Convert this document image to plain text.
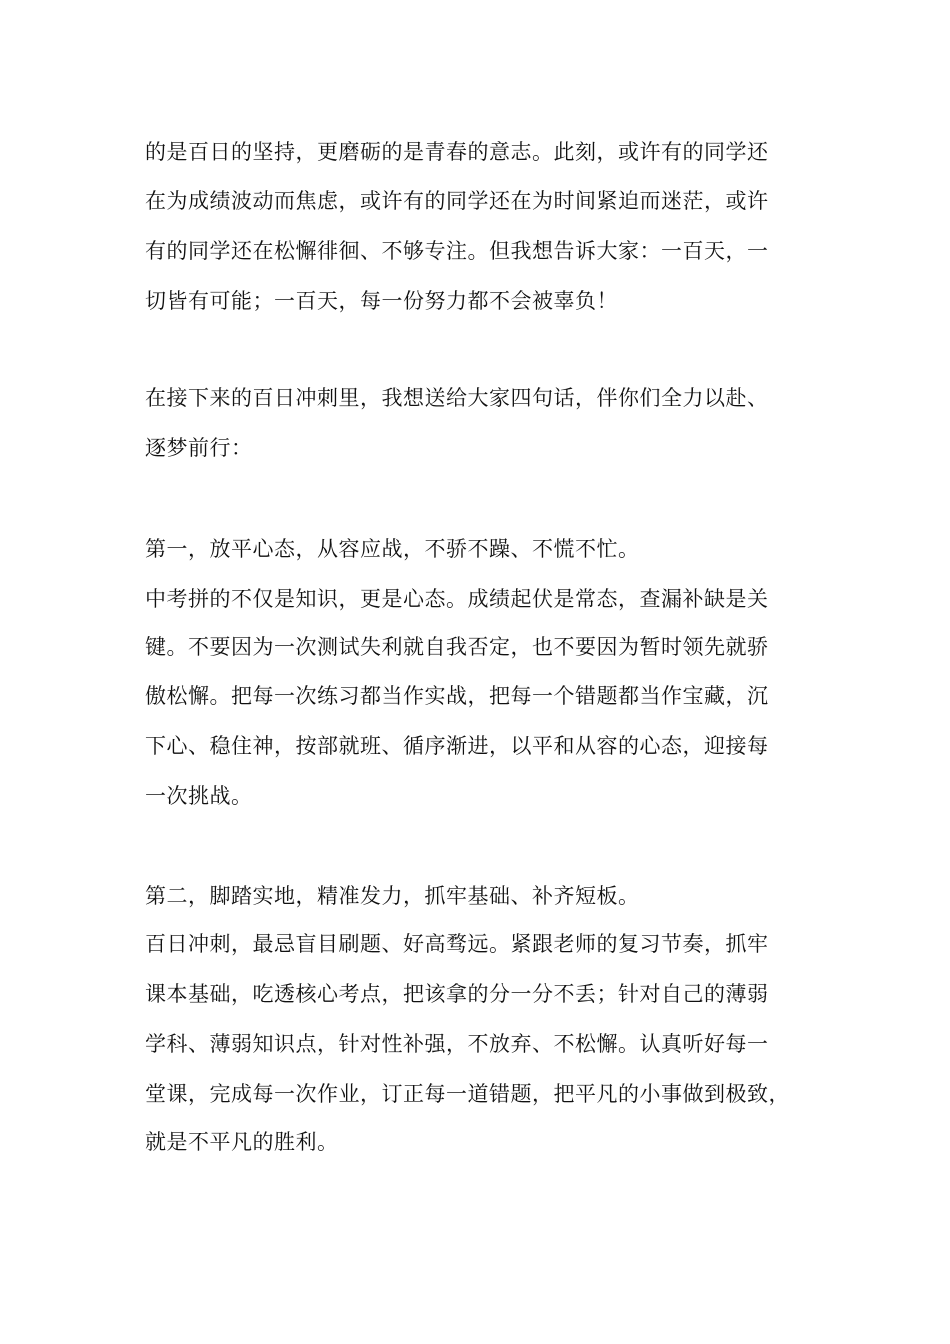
的是百日的坚持，更磨砺的是青春的意志。此刻，或许有的同学还
在为成绩波动而焦虑，或许有的同学还在为时间紧迫而迷茫，或许
有的同学还在松懈徘徊、不够专注。但我想告诉大家：一百天，一
切皆有可能；一百天，每一份努力都不会被辜负！
在接下来的百日冲刺里，我想送给大家四句话，伴你们全力以赴、
逐梦前行：
第一，放平心态，从容应战，不骄不躁、不慌不忙。
中考拼的不仅是知识，更是心态。成绩起伏是常态，查漏补缺是关
键。不要因为一次测试失利就自我否定，也不要因为暂时领先就骄
傲松懈。把每一次练习都当作实战，把每一个错题都当作宝藏，沉
下心、稳住神，按部就班、循序渐进，以平和从容的心态，迎接每
一次挑战。
第二，脚踏实地，精准发力，抓牢基础、补齐短板。
百日冲刺，最忌盲目刷题、好高骛远。紧跟老师的复习节奏，抓牢
课本基础，吃透核心考点，把该拿的分一分不丢；针对自己的薄弱
学科、薄弱知识点，针对性补强，不放弃、不松懈。认真听好每一
堂课，完成每一次作业，订正每一道错题，把平凡的小事做到极致，
就是不平凡的胜利。
